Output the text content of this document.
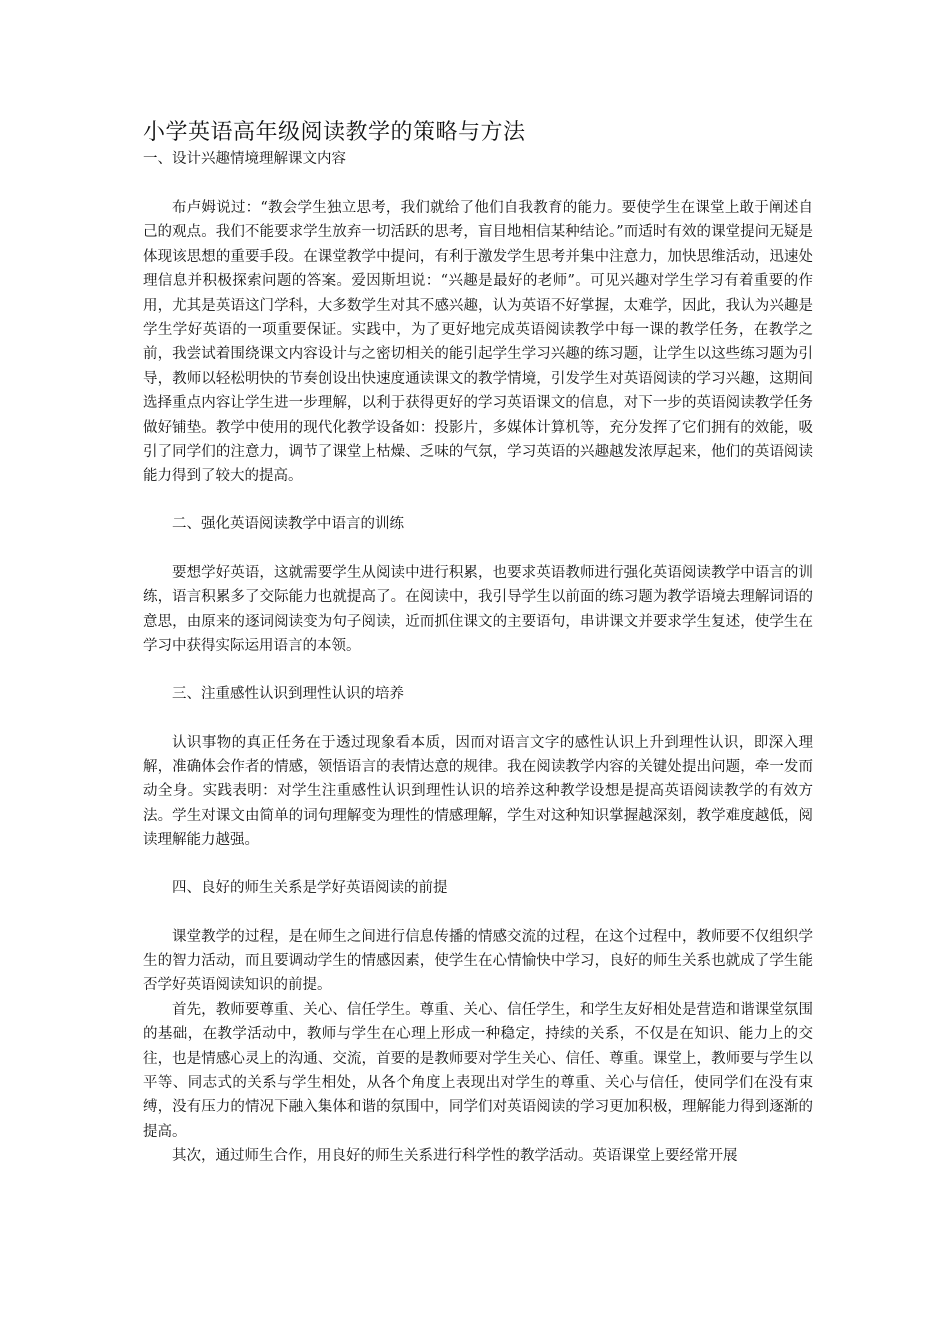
小学英语高年级阅读教学的策略与方法
一、设计兴趣情境理解课文内容

布卢姆说过：“教会学生独立思考，我们就给了他们自我教育的能力。要使学生在课堂上敢于阐述自己的观点。我们不能要求学生放弃一切活跃的思考，盲目地相信某种结论。”而适时有效的课堂提问无疑是体现该思想的重要手段。在课堂教学中提问，有利于激发学生思考并集中注意力，加快思维活动，迅速处理信息并积极探索问题的答案。爱因斯坦说：“兴趣是最好的老师”。可见兴趣对学生学习有着重要的作用，尤其是英语这门学科，大多数学生对其不感兴趣，认为英语不好掌握，太难学，因此，我认为兴趣是学生学好英语的一项重要保证。实践中，为了更好地完成英语阅读教学中每一课的教学任务，在教学之前，我尝试着围绕课文内容设计与之密切相关的能引起学生学习兴趣的练习题，让学生以这些练习题为引导，教师以轻松明快的节奏创设出快速度通读课文的教学情境，引发学生对英语阅读的学习兴趣，这期间选择重点内容让学生进一步理解，以利于获得更好的学习英语课文的信息，对下一步的英语阅读教学任务做好铺垫。教学中使用的现代化教学设备如：投影片，多媒体计算机等，充分发挥了它们拥有的效能，吸引了同学们的注意力，调节了课堂上枯燥、乏味的气氛，学习英语的兴趣越发浓厚起来，他们的英语阅读能力得到了较大的提高。

二、强化英语阅读教学中语言的训练

要想学好英语，这就需要学生从阅读中进行积累，也要求英语教师进行强化英语阅读教学中语言的训练，语言积累多了交际能力也就提高了。在阅读中，我引导学生以前面的练习题为教学语境去理解词语的意思，由原来的逐词阅读变为句子阅读，近而抓住课文的主要语句，串讲课文并要求学生复述，使学生在学习中获得实际运用语言的本领。

三、注重感性认识到理性认识的培养

认识事物的真正任务在于透过现象看本质，因而对语言文字的感性认识上升到理性认识，即深入理解，准确体会作者的情感，领悟语言的表情达意的规律。我在阅读教学内容的关键处提出问题，牵一发而动全身。实践表明：对学生注重感性认识到理性认识的培养这种教学设想是提高英语阅读教学的有效方法。学生对课文由简单的词句理解变为理性的情感理解，学生对这种知识掌握越深刻，教学难度越低，阅读理解能力越强。

四、良好的师生关系是学好英语阅读的前提

课堂教学的过程，是在师生之间进行信息传播的情感交流的过程，在这个过程中，教师要不仅组织学生的智力活动，而且要调动学生的情感因素，使学生在心情愉快中学习，良好的师生关系也就成了学生能否学好英语阅读知识的前提。

首先，教师要尊重、关心、信任学生。尊重、关心、信任学生，和学生友好相处是营造和谐课堂氛围的基础，在教学活动中，教师与学生在心理上形成一种稳定，持续的关系，不仅是在知识、能力上的交往，也是情感心灵上的沟通、交流，首要的是教师要对学生关心、信任、尊重。课堂上，教师要与学生以平等、同志式的关系与学生相处，从各个角度上表现出对学生的尊重、关心与信任，使同学们在没有束缚，没有压力的情况下融入集体和谐的氛围中，同学们对英语阅读的学习更加积极，理解能力得到逐渐的提高。

其次，通过师生合作，用良好的师生关系进行科学性的教学活动。英语课堂上要经常开展
